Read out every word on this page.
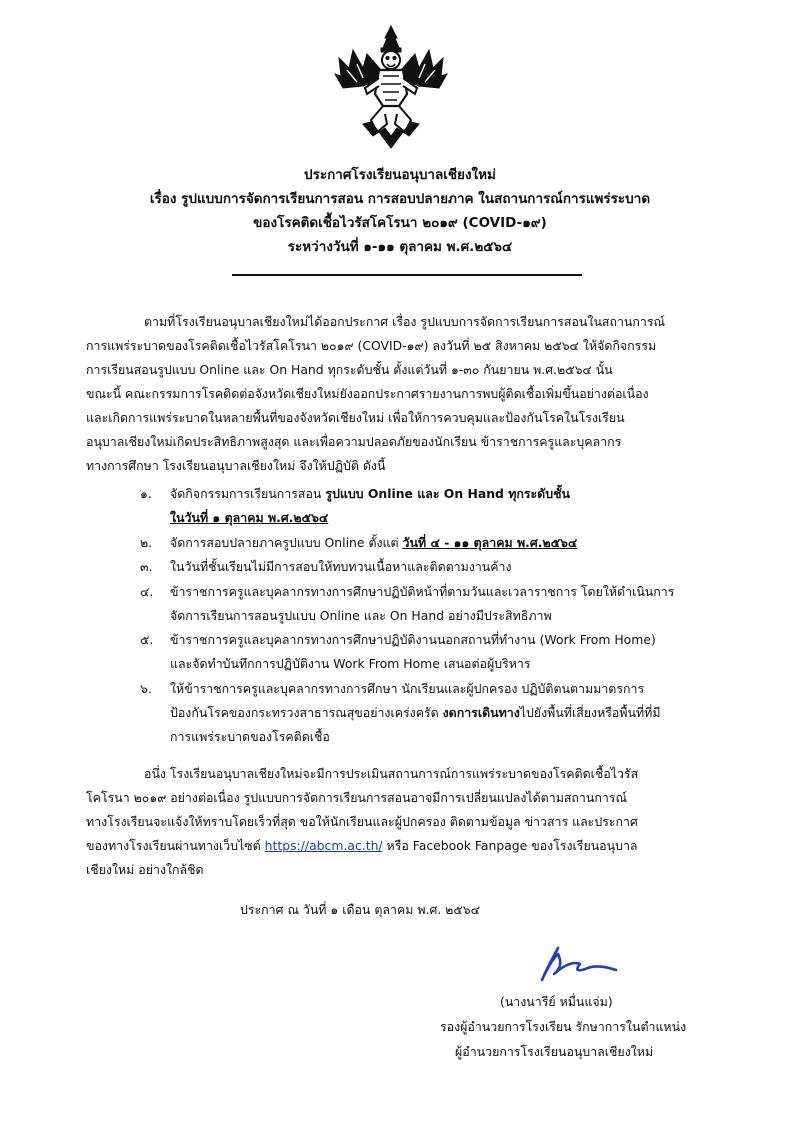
ประกาศโรงเรียนอนุบาลเชียงใหม่
เรื่อง รูปแบบการจัดการเรียนการสอน การสอบปลายภาค ในสถานการณ์การแพร่ระบาด
ของโรคติดเชื้อไวรัสโคโรนา ๒๐๑๙ (COVID-๑๙)
ระหว่างวันที่ ๑-๑๑ ตุลาคม พ.ศ.๒๕๖๔
ตามที่โรงเรียนอนุบาลเชียงใหม่ได้ออกประกาศ เรื่อง รูปแบบการจัดการเรียนการสอนในสถานการณ์
การแพร่ระบาดของโรคติดเชื้อไวรัสโคโรนา ๒๐๑๙ (COVID-๑๙) ลงวันที่ ๒๕ สิงหาคม ๒๕๖๔ ให้จัดกิจกรรม
การเรียนสอนรูปแบบ Online และ On Hand ทุกระดับชั้น ตั้งแต่วันที่ ๑-๓๐ กันยายน พ.ศ.๒๕๖๔ นั้น
ขณะนี้ คณะกรรมการโรคติดต่อจังหวัดเชียงใหม่ยังออกประกาศรายงานการพบผู้ติดเชื้อเพิ่มขึ้นอย่างต่อเนื่อง
และเกิดการแพร่ระบาดในหลายพื้นที่ของจังหวัดเชียงใหม่ เพื่อให้การควบคุมและป้องกันโรคในโรงเรียน
อนุบาลเชียงใหม่เกิดประสิทธิภาพสูงสุด และเพื่อความปลอดภัยของนักเรียน ข้าราชการครูและบุคลากร
ทางการศึกษา โรงเรียนอนุบาลเชียงใหม่ จึงให้ปฏิบัติ ดังนี้
๑. จัดกิจกรรมการเรียนการสอน รูปแบบ Online และ On Hand ทุกระดับชั้น
ในวันที่ ๑ ตุลาคม พ.ศ.๒๕๖๔
๒. จัดการสอบปลายภาครูปแบบ Online ตั้งแต่ วันที่ ๔ - ๑๑ ตุลาคม พ.ศ.๒๕๖๔
๓. ในวันที่ชั้นเรียนไม่มีการสอบให้ทบทวนเนื้อหาและติดตามงานค้าง
๔. ข้าราชการครูและบุคลากรทางการศึกษาปฏิบัติหน้าที่ตามวันและเวลาราชการ โดยให้ดำเนินการ
จัดการเรียนการสอนรูปแบบ Online และ On Hand อย่างมีประสิทธิภาพ
๕. ข้าราชการครูและบุคลากรทางการศึกษาปฏิบัติงานนอกสถานที่ทำงาน (Work From Home)
และจัดทำบันทึกการปฏิบัติงาน Work From Home เสนอต่อผู้บริหาร
๖. ให้ข้าราชการครูและบุคลากรทางการศึกษา นักเรียนและผู้ปกครอง ปฏิบัติตนตามมาตรการ
ป้องกันโรคของกระทรวงสาธารณสุขอย่างเคร่งครัด งดการเดินทางไปยังพื้นที่เสี่ยงหรือพื้นที่ที่มี
การแพร่ระบาดของโรคติดเชื้อ
อนึ่ง โรงเรียนอนุบาลเชียงใหม่จะมีการประเมินสถานการณ์การแพร่ระบาดของโรคติดเชื้อไวรัส
โคโรนา ๒๐๑๙ อย่างต่อเนื่อง รูปแบบการจัดการเรียนการสอนอาจมีการเปลี่ยนแปลงได้ตามสถานการณ์
ทางโรงเรียนจะแจ้งให้ทราบโดยเร็วที่สุด ขอให้นักเรียนและผู้ปกครอง ติดตามข้อมูล ข่าวสาร และประกาศ
ของทางโรงเรียนผ่านทางเว็บไซต์ https://abcm.ac.th/ หรือ Facebook Fanpage ของโรงเรียนอนุบาล
เชียงใหม่ อย่างใกล้ชิด
ประกาศ ณ วันที่ ๑ เดือน ตุลาคม พ.ศ. ๒๕๖๔
(นางนารีย์ หมื่นแจ่ม)
รองผู้อำนวยการโรงเรียน รักษาการในตำแหน่ง
ผู้อำนวยการโรงเรียนอนุบาลเชียงใหม่
